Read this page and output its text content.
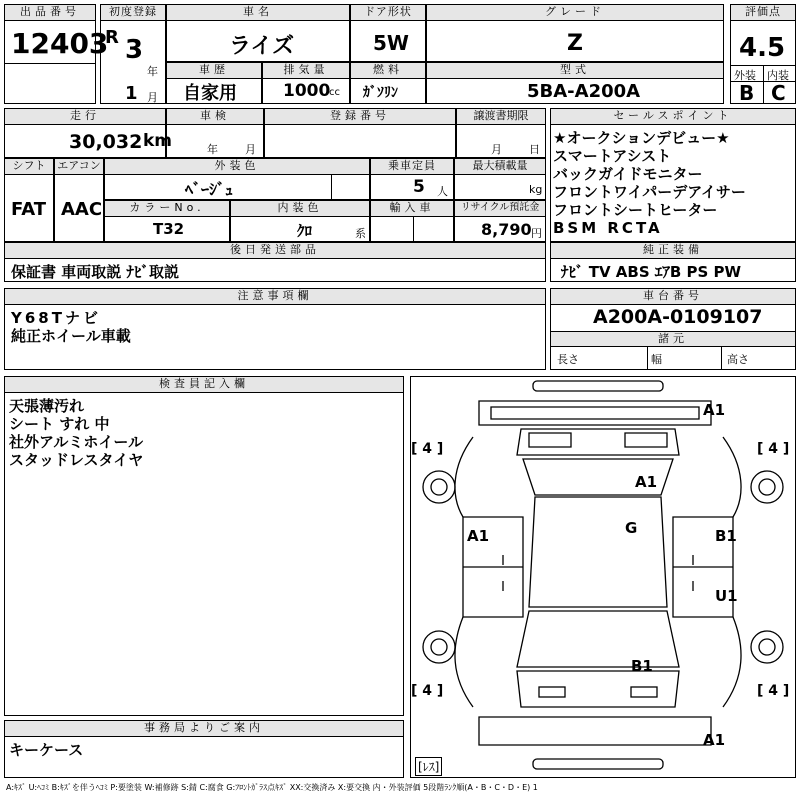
出品番号
12403
初度登録
R 3
年
1 月
車名
ライズ
ドア形状
5W
グレード
Z
評価点
4.5
外装 内装
B C
車歴
自家用
排気量
1000
cc
燃料
ｶﾞｿﾘﾝ
型式
5BA-A200A
走行
30,032 km
車検
年 月
登録番号	譲渡書期限
月 日
シフト
FAT
エアコン
AAC
外装色
ﾍﾞｰｼﾞｭ
乗車定員
5 人
最大積載量
kg
カラーNo.
T32
内装色
ｸﾛ	系
輸入車	リサイクル預託金
8,790 円
後日発送部品
保証書 車両取説 ﾅﾋﾞ取説
セールスポイント
★オークションデビュー★
スマートアシスト
バックガイドモニター
フロントワイパーデアイサー
フロントシートヒーター
BSM RCTA
純正装備
ﾅﾋﾞ TV ABS ｴｱB PS PW
注意事項欄
Y68Tナビ
純正ホイール車載
車台番号
A200A-0109107
諸元
長さ	幅	高さ
検査員記入欄
天張薄汚れ
シート すれ 中
社外アルミホイール
スタッドレスタイヤ
事務局よりご案内
キーケース
A1
A1
G
A1	B1
U1
B1
A1
[ 4 ]	[ 4 ]
[ 4 ]	[ 4 ]
[ﾚｽ]
A:ｷｽﾞ U:ﾍｺﾐ B:ｷｽﾞを伴うﾍｺﾐ P:要塗装 W:補修跡 S:錆 C:腐食 G:ﾌﾛﾝﾄｶﾞﾗｽ点ｷｽﾞ XX:交換済み X:要交換 内・外装評価 5段階ﾗﾝｸ順(A・B・C・D・E) 1
